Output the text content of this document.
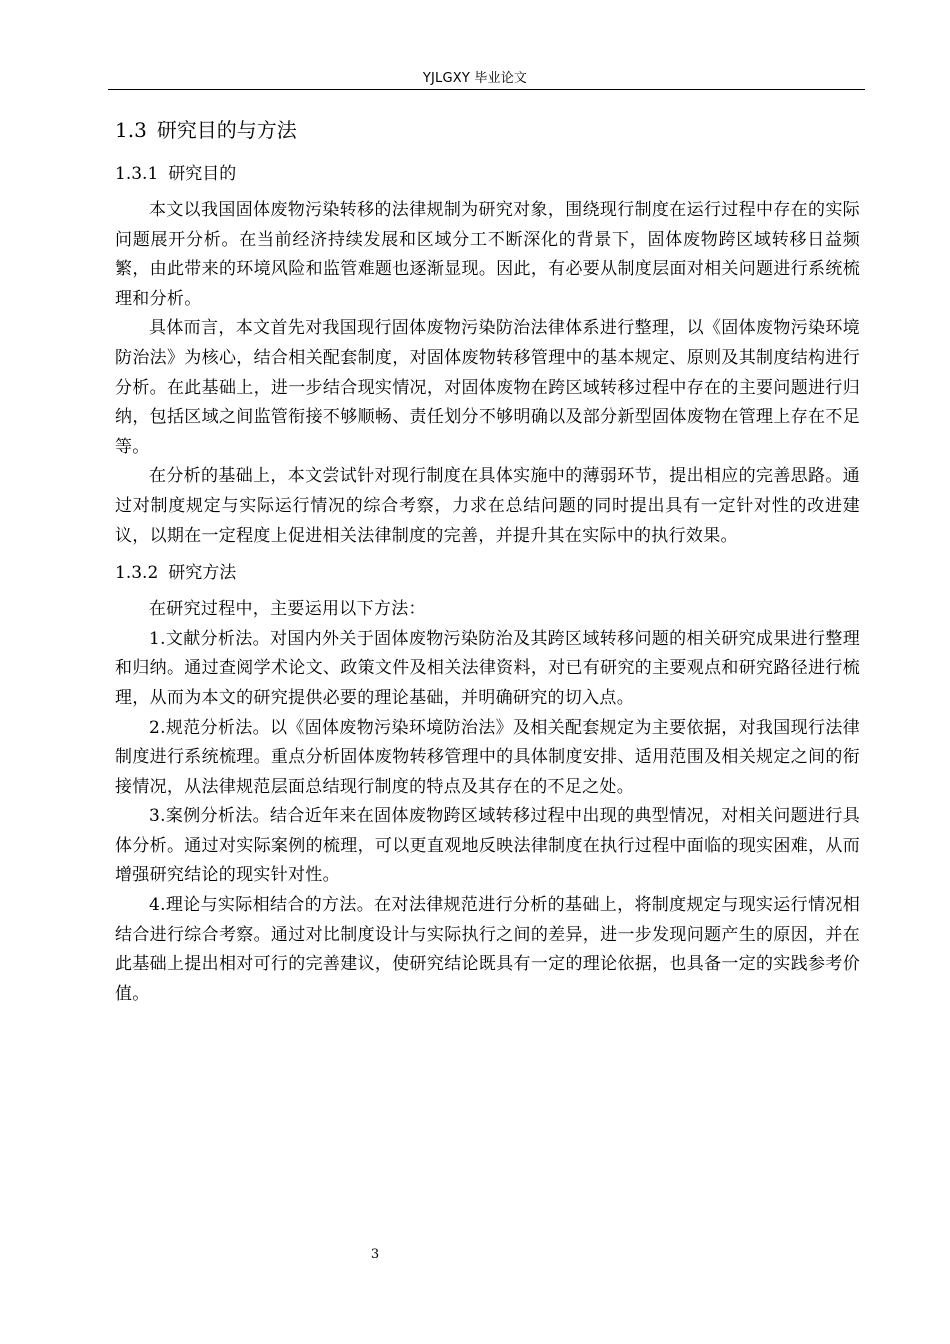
YJLGXY 毕业论文
1.3 研究目的与方法
1.3.1 研究目的

本文以我国固体废物污染转移的法律规制为研究对象，围绕现行制度在运行过程中存在的实际问题展开分析。在当前经济持续发展和区域分工不断深化的背景下，固体废物跨区域转移日益频繁，由此带来的环境风险和监管难题也逐渐显现。因此，有必要从制度层面对相关问题进行系统梳理和分析。

具体而言，本文首先对我国现行固体废物污染防治法律体系进行整理，以《固体废物污染环境防治法》为核心，结合相关配套制度，对固体废物转移管理中的基本规定、原则及其制度结构进行分析。在此基础上，进一步结合现实情况，对固体废物在跨区域转移过程中存在的主要问题进行归纳，包括区域之间监管衔接不够顺畅、责任划分不够明确以及部分新型固体废物在管理上存在不足等。

在分析的基础上，本文尝试针对现行制度在具体实施中的薄弱环节，提出相应的完善思路。通过对制度规定与实际运行情况的综合考察，力求在总结问题的同时提出具有一定针对性的改进建议，以期在一定程度上促进相关法律制度的完善，并提升其在实际中的执行效果。

1.3.2 研究方法

在研究过程中，主要运用以下方法：

1.文献分析法。对国内外关于固体废物污染防治及其跨区域转移问题的相关研究成果进行整理和归纳。通过查阅学术论文、政策文件及相关法律资料，对已有研究的主要观点和研究路径进行梳理，从而为本文的研究提供必要的理论基础，并明确研究的切入点。

2.规范分析法。以《固体废物污染环境防治法》及相关配套规定为主要依据，对我国现行法律制度进行系统梳理。重点分析固体废物转移管理中的具体制度安排、适用范围及相关规定之间的衔接情况，从法律规范层面总结现行制度的特点及其存在的不足之处。

3.案例分析法。结合近年来在固体废物跨区域转移过程中出现的典型情况，对相关问题进行具体分析。通过对实际案例的梳理，可以更直观地反映法律制度在执行过程中面临的现实困难，从而增强研究结论的现实针对性。

4.理论与实际相结合的方法。在对法律规范进行分析的基础上，将制度规定与现实运行情况相结合进行综合考察。通过对比制度设计与实际执行之间的差异，进一步发现问题产生的原因，并在此基础上提出相对可行的完善建议，使研究结论既具有一定的理论依据，也具备一定的实践参考价值。

3
